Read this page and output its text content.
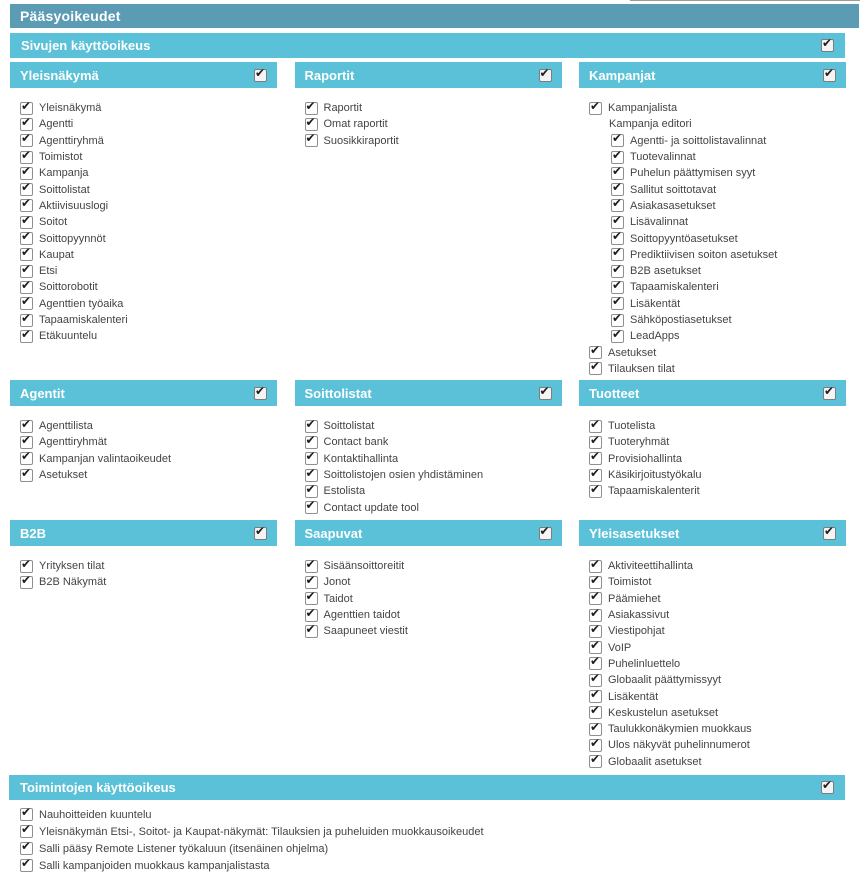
Pääsyoikeudet
Sivujen käyttöoikeus
✔
Yleisnäkymä
✔
✔
Yleisnäkymä
✔
Agentti
✔
Agenttiryhmä
✔
Toimistot
✔
Kampanja
✔
Soittolistat
✔
Aktiivisuuslogi
✔
Soitot
✔
Soittopyynnöt
✔
Kaupat
✔
Etsi
✔
Soittorobotit
✔
Agenttien työaika
✔
Tapaamiskalenteri
✔
Etäkuuntelu
Raportit
✔
✔
Raportit
✔
Omat raportit
✔
Suosikkiraportit
Kampanjat
✔
✔
Kampanjalista
Kampanja editori
✔
Agentti- ja soittolistavalinnat
✔
Tuotevalinnat
✔
Puhelun päättymisen syyt
✔
Sallitut soittotavat
✔
Asiakasasetukset
✔
Lisävalinnat
✔
Soittopyyntöasetukset
✔
Prediktiivisen soiton asetukset
✔
B2B asetukset
✔
Tapaamiskalenteri
✔
Lisäkentät
✔
Sähköpostiasetukset
✔
LeadApps
✔
Asetukset
✔
Tilauksen tilat
Agentit
✔
✔
Agenttilista
✔
Agenttiryhmät
✔
Kampanjan valintaoikeudet
✔
Asetukset
Soittolistat
✔
✔
Soittolistat
✔
Contact bank
✔
Kontaktihallinta
✔
Soittolistojen osien yhdistäminen
✔
Estolista
✔
Contact update tool
Tuotteet
✔
✔
Tuotelista
✔
Tuoteryhmät
✔
Provisiohallinta
✔
Käsikirjoitustyökalu
✔
Tapaamiskalenterit
B2B
✔
✔
Yrityksen tilat
✔
B2B Näkymät
Saapuvat
✔
✔
Sisäänsoittoreitit
✔
Jonot
✔
Taidot
✔
Agenttien taidot
✔
Saapuneet viestit
Yleisasetukset
✔
✔
Aktiviteettihallinta
✔
Toimistot
✔
Päämiehet
✔
Asiakassivut
✔
Viestipohjat
✔
VoIP
✔
Puhelinluettelo
✔
Globaalit päättymissyyt
✔
Lisäkentät
✔
Keskustelun asetukset
✔
Taulukkonäkymien muokkaus
✔
Ulos näkyvät puhelinnumerot
✔
Globaalit asetukset
Toimintojen käyttöoikeus
✔
✔
Nauhoitteiden kuuntelu
✔
Yleisnäkymän Etsi-, Soitot- ja Kaupat-näkymät: Tilauksien ja puheluiden muokkausoikeudet
✔
Salli pääsy Remote Listener työkaluun (itsenäinen ohjelma)
✔
Salli kampanjoiden muokkaus kampanjalistasta
